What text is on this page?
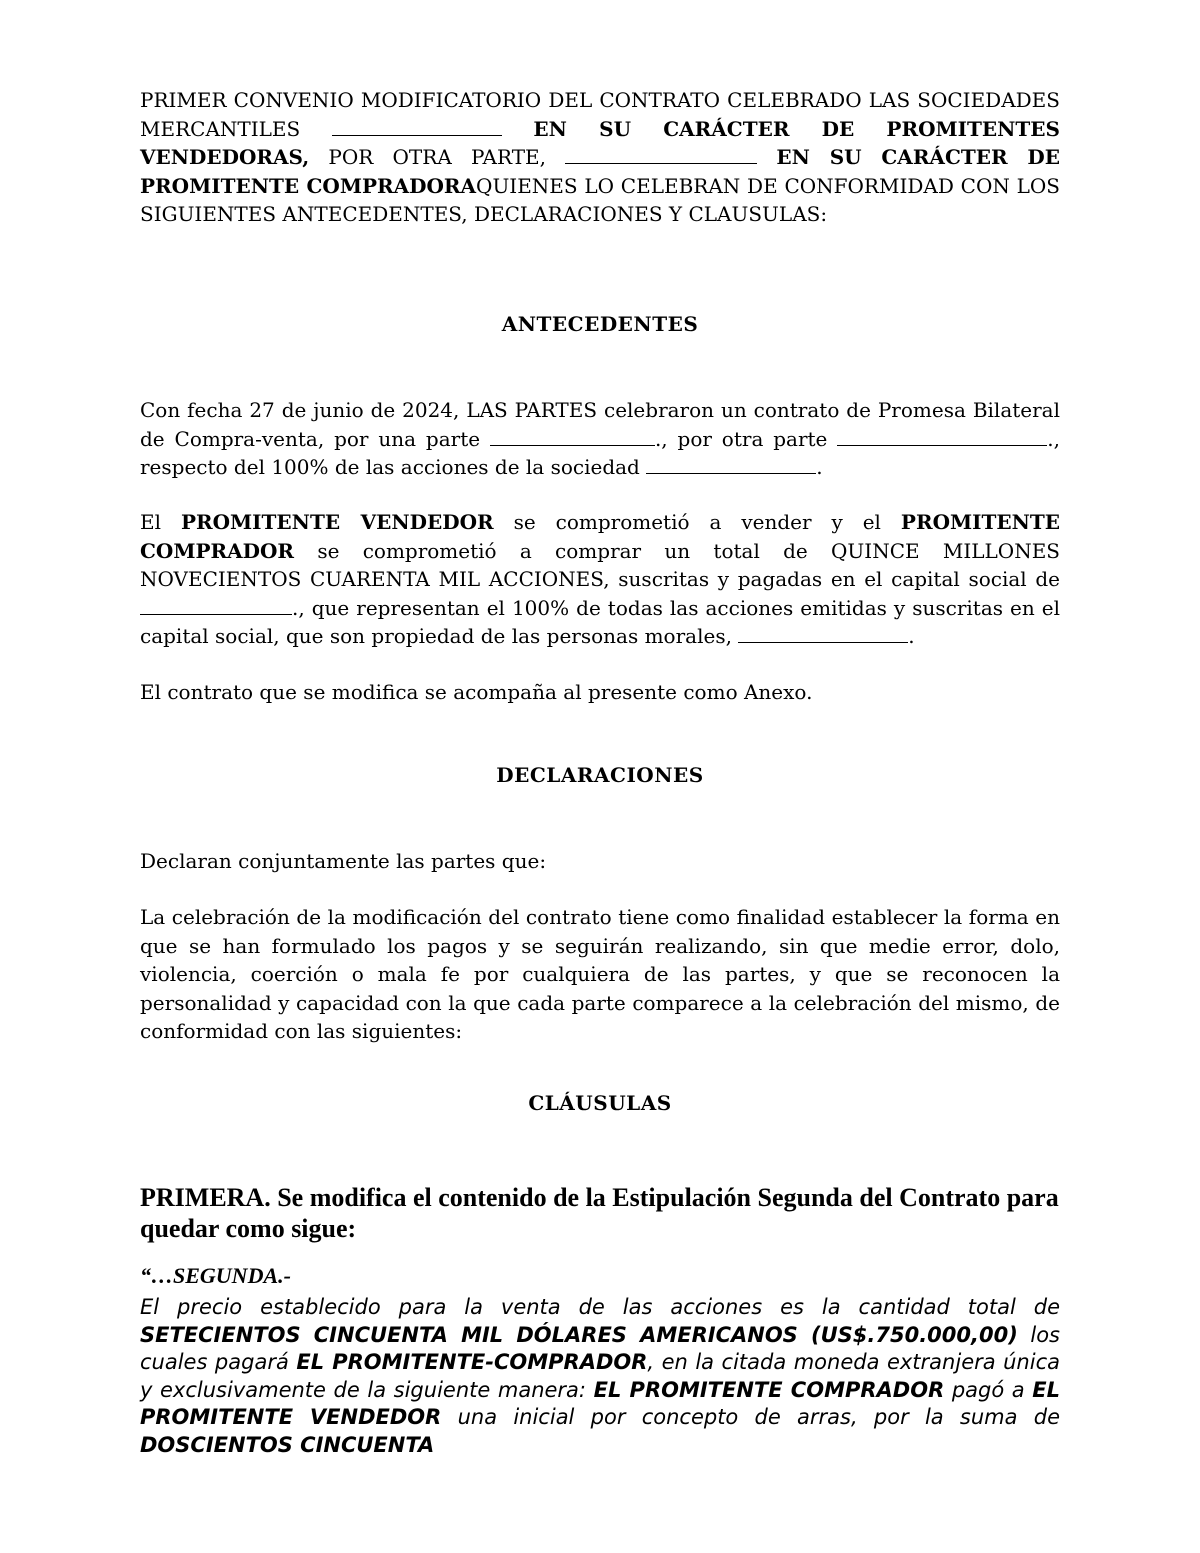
PRIMER CONVENIO MODIFICATORIO DEL CONTRATO CELEBRADO LAS SOCIEDADES MERCANTILES	EN SU CARÁCTER DE PROMITENTES VENDEDORAS, POR OTRA PARTE,	EN SU CARÁCTER DE PROMITENTE COMPRADORAQUIENES LO CELEBRAN DE CONFORMIDAD CON LOS SIGUIENTES ANTECEDENTES, DECLARACIONES Y CLAUSULAS:

ANTECEDENTES

Con fecha 27 de junio de 2024, LAS PARTES celebraron un contrato de Promesa Bilateral de Compra-venta, por una parte	., por otra parte	., respecto del 100% de las acciones de la sociedad	.

El PROMITENTE VENDEDOR se comprometió a vender y el PROMITENTE COMPRADOR se comprometió a comprar un total de QUINCE MILLONES NOVECIENTOS CUARENTA MIL ACCIONES, suscritas y pagadas en el capital social de ., que representan el 100% de todas las acciones emitidas y suscritas en el capital social, que son propiedad de las personas morales,	.

El contrato que se modifica se acompaña al presente como Anexo.

DECLARACIONES

Declaran conjuntamente las partes que:

La celebración de la modificación del contrato tiene como finalidad establecer la forma en que se han formulado los pagos y se seguirán realizando, sin que medie error, dolo, violencia, coerción o mala fe por cualquiera de las partes, y que se reconocen la personalidad y capacidad con la que cada parte comparece a la celebración del mismo, de conformidad con las siguientes:

CLÁUSULAS

PRIMERA. Se modifica el contenido de la Estipulación Segunda del Contrato para quedar como sigue:

“…SEGUNDA.-

El precio establecido para la venta de las acciones es la cantidad total de SETECIENTOS CINCUENTA MIL DÓLARES AMERICANOS (US$.750.000,00) los cuales pagará EL PROMITENTE-COMPRADOR, en la citada moneda extranjera única y exclusivamente de la siguiente manera: EL PROMITENTE COMPRADOR pagó a EL PROMITENTE VENDEDOR una inicial por concepto de arras, por la suma de DOSCIENTOS CINCUENTA
